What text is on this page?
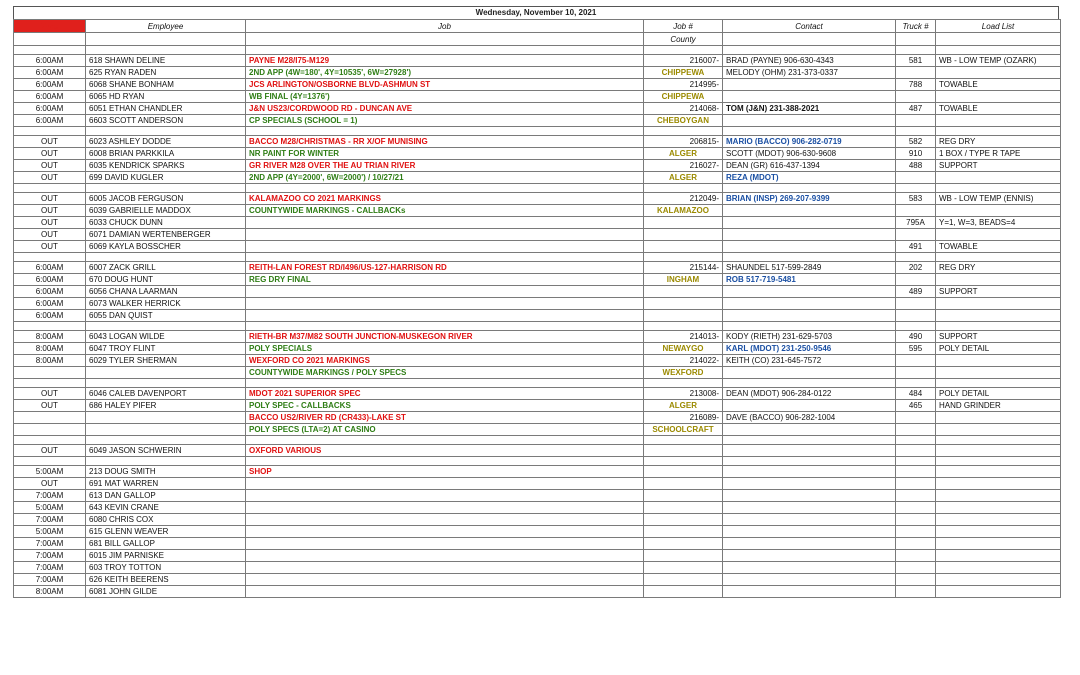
Wednesday, November 10, 2021
Time	Employee	Job	Job #	Contact	Truck #	Load List
			County			

6:00AM	618 SHAWN DELINE	PAYNE M28/I75-M129	216007-	BRAD (PAYNE) 906-630-4343	581	WB - LOW TEMP (OZARK)
6:00AM	625 RYAN RADEN	2ND APP (4W=180', 4Y=10535', 6W=27928')	CHIPPEWA	MELODY (OHM) 231-373-0337		
6:00AM	6068 SHANE BONHAM	JCS ARLINGTON/OSBORNE BLVD-ASHMUN ST	214995-		788	TOWABLE
6:00AM	6065 HD RYAN	WB FINAL (4Y=1376')	CHIPPEWA			
6:00AM	6051 ETHAN CHANDLER	J&N US23/CORDWOOD RD - DUNCAN AVE	214068-	TOM (J&N) 231-388-2021	487	TOWABLE
6:00AM	6603 SCOTT ANDERSON	CP SPECIALS (SCHOOL = 1)	CHEBOYGAN			

OUT	6023 ASHLEY DODDE	BACCO M28/CHRISTMAS - RR X/OF MUNISING	206815-	MARIO (BACCO) 906-282-0719	582	REG DRY
OUT	6008 BRIAN PARKKILA	NR PAINT FOR WINTER	ALGER	SCOTT (MDOT) 906-630-9608	910	1 BOX / TYPE R TAPE
OUT	6035 KENDRICK SPARKS	GR RIVER M28 OVER THE AU TRIAN RIVER	216027-	DEAN (GR) 616-437-1394	488	SUPPORT
OUT	699 DAVID KUGLER	2ND APP (4Y=2000', 6W=2000') / 10/27/21	ALGER	REZA (MDOT)		

OUT	6005 JACOB FERGUSON	KALAMAZOO CO 2021 MARKINGS	212049-	BRIAN (INSP) 269-207-9399	583	WB - LOW TEMP (ENNIS)
OUT	6039 GABRIELLE MADDOX	COUNTYWIDE MARKINGS - CALLBACKs	KALAMAZOO			
OUT	6033 CHUCK DUNN				795A	Y=1, W=3, BEADS=4
OUT	6071 DAMIAN WERTENBERGER					
OUT	6069 KAYLA BOSSCHER				491	TOWABLE

6:00AM	6007 ZACK GRILL	REITH-LAN FOREST RD/I496/US-127-HARRISON RD	215144-	SHAUNDEL 517-599-2849	202	REG DRY
6:00AM	670 DOUG HUNT	REG DRY FINAL	INGHAM	ROB 517-719-5481		
6:00AM	6056 CHANA LAARMAN				489	SUPPORT
6:00AM	6073 WALKER HERRICK					
6:00AM	6055 DAN QUIST					

8:00AM	6043 LOGAN WILDE	RIETH-BR M37/M82 SOUTH JUNCTION-MUSKEGON RIVER	214013-	KODY (RIETH) 231-629-5703	490	SUPPORT
8:00AM	6047 TROY FLINT	POLY SPECIALS	NEWAYGO	KARL (MDOT) 231-250-9546	595	POLY DETAIL
8:00AM	6029 TYLER SHERMAN	WEXFORD CO 2021 MARKINGS	214022-	KEITH (CO) 231-645-7572		
		COUNTYWIDE MARKINGS / POLY SPECS	WEXFORD			

OUT	6046 CALEB DAVENPORT	MDOT 2021 SUPERIOR SPEC	213008-	DEAN (MDOT) 906-284-0122	484	POLY DETAIL
OUT	686 HALEY PIFER	POLY SPEC - CALLBACKS	ALGER		465	HAND GRINDER
		BACCO US2/RIVER RD (CR433)-LAKE ST	216089-	DAVE (BACCO) 906-282-1004		
		POLY SPECS (LTA=2) AT CASINO	SCHOOLCRAFT			

OUT	6049 JASON SCHWERIN	OXFORD VARIOUS				

5:00AM	213 DOUG SMITH	SHOP				
OUT	691 MAT WARREN					
7:00AM	613 DAN GALLOP					
5:00AM	643 KEVIN CRANE					
7:00AM	6080 CHRIS COX					
5:00AM	615 GLENN WEAVER					
7:00AM	681 BILL GALLOP					
7:00AM	6015 JIM PARNISKE					
7:00AM	603 TROY TOTTON					
7:00AM	626 KEITH BEERENS					
8:00AM	6081 JOHN GILDE					
